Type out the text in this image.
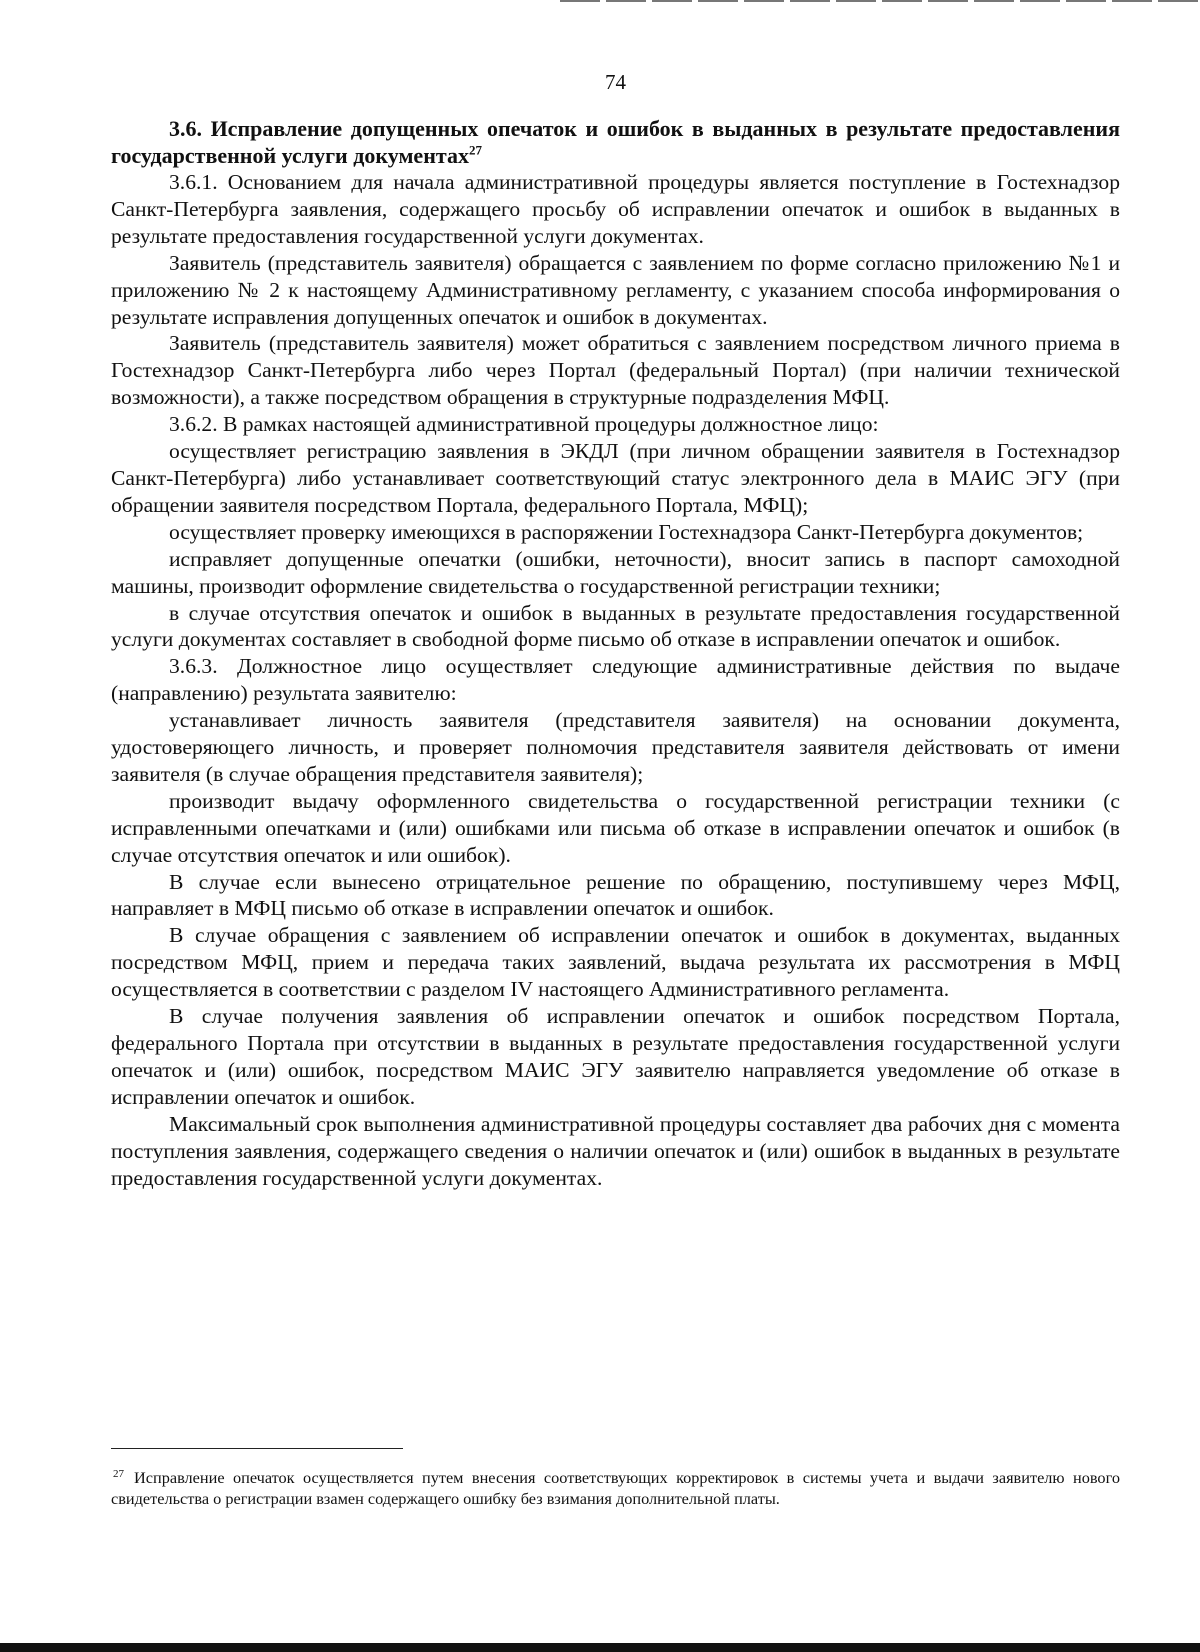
74

3.6. Исправление допущенных опечаток и ошибок в выданных в результате предоставления государственной услуги документах$^{27}$

3.6.1. Основанием для начала административной процедуры является поступление в Гостехнадзор Санкт-Петербурга заявления, содержащего просьбу об исправлении опечаток и ошибок в выданных в результате предоставления государственной услуги документах.

Заявитель (представитель заявителя) обращается с заявлением по форме согласно приложению №1 и приложению № 2 к настоящему Административному регламенту, с указанием способа информирования о результате исправления допущенных опечаток и ошибок в документах.

Заявитель (представитель заявителя) может обратиться с заявлением посредством личного приема в Гостехнадзор Санкт-Петербурга либо через Портал (федеральный Портал) (при наличии технической возможности), а также посредством обращения в структурные подразделения МФЦ.

3.6.2. В рамках настоящей административной процедуры должностное лицо:

осуществляет регистрацию заявления в ЭКДЛ (при личном обращении заявителя в Гостехнадзор Санкт-Петербурга) либо устанавливает соответствующий статус электронного дела в МАИС ЭГУ (при обращении заявителя посредством Портала, федерального Портала, МФЦ);

осуществляет проверку имеющихся в распоряжении Гостехнадзора Санкт-Петербурга документов;

исправляет допущенные опечатки (ошибки, неточности), вносит запись в паспорт самоходной машины, производит оформление свидетельства о государственной регистрации техники;

в случае отсутствия опечаток и ошибок в выданных в результате предоставления государственной услуги документах составляет в свободной форме письмо об отказе в исправлении опечаток и ошибок.

3.6.3. Должностное лицо осуществляет следующие административные действия по выдаче (направлению) результата заявителю:

устанавливает личность заявителя (представителя заявителя) на основании документа, удостоверяющего личность, и проверяет полномочия представителя заявителя действовать от имени заявителя (в случае обращения представителя заявителя);

производит выдачу оформленного свидетельства о государственной регистрации техники (с исправленными опечатками и (или) ошибками или письма об отказе в исправлении опечаток и ошибок (в случае отсутствия опечаток и или ошибок).

В случае если вынесено отрицательное решение по обращению, поступившему через МФЦ, направляет в МФЦ письмо об отказе в исправлении опечаток и ошибок.

В случае обращения с заявлением об исправлении опечаток и ошибок в документах, выданных посредством МФЦ, прием и передача таких заявлений, выдача результата их рассмотрения в МФЦ осуществляется в соответствии с разделом IV настоящего Административного регламента.

В случае получения заявления об исправлении опечаток и ошибок посредством Портала, федерального Портала при отсутствии в выданных в результате предоставления государственной услуги опечаток и (или) ошибок, посредством МАИС ЭГУ заявителю направляется уведомление об отказе в исправлении опечаток и ошибок.

Максимальный срок выполнения административной процедуры составляет два рабочих дня с момента поступления заявления, содержащего сведения о наличии опечаток и (или) ошибок в выданных в результате предоставления государственной услуги документах.

$^{27}$ Исправление опечаток осуществляется путем внесения соответствующих корректировок в системы учета и выдачи заявителю нового свидетельства о регистрации взамен содержащего ошибку без взимания дополнительной платы.
